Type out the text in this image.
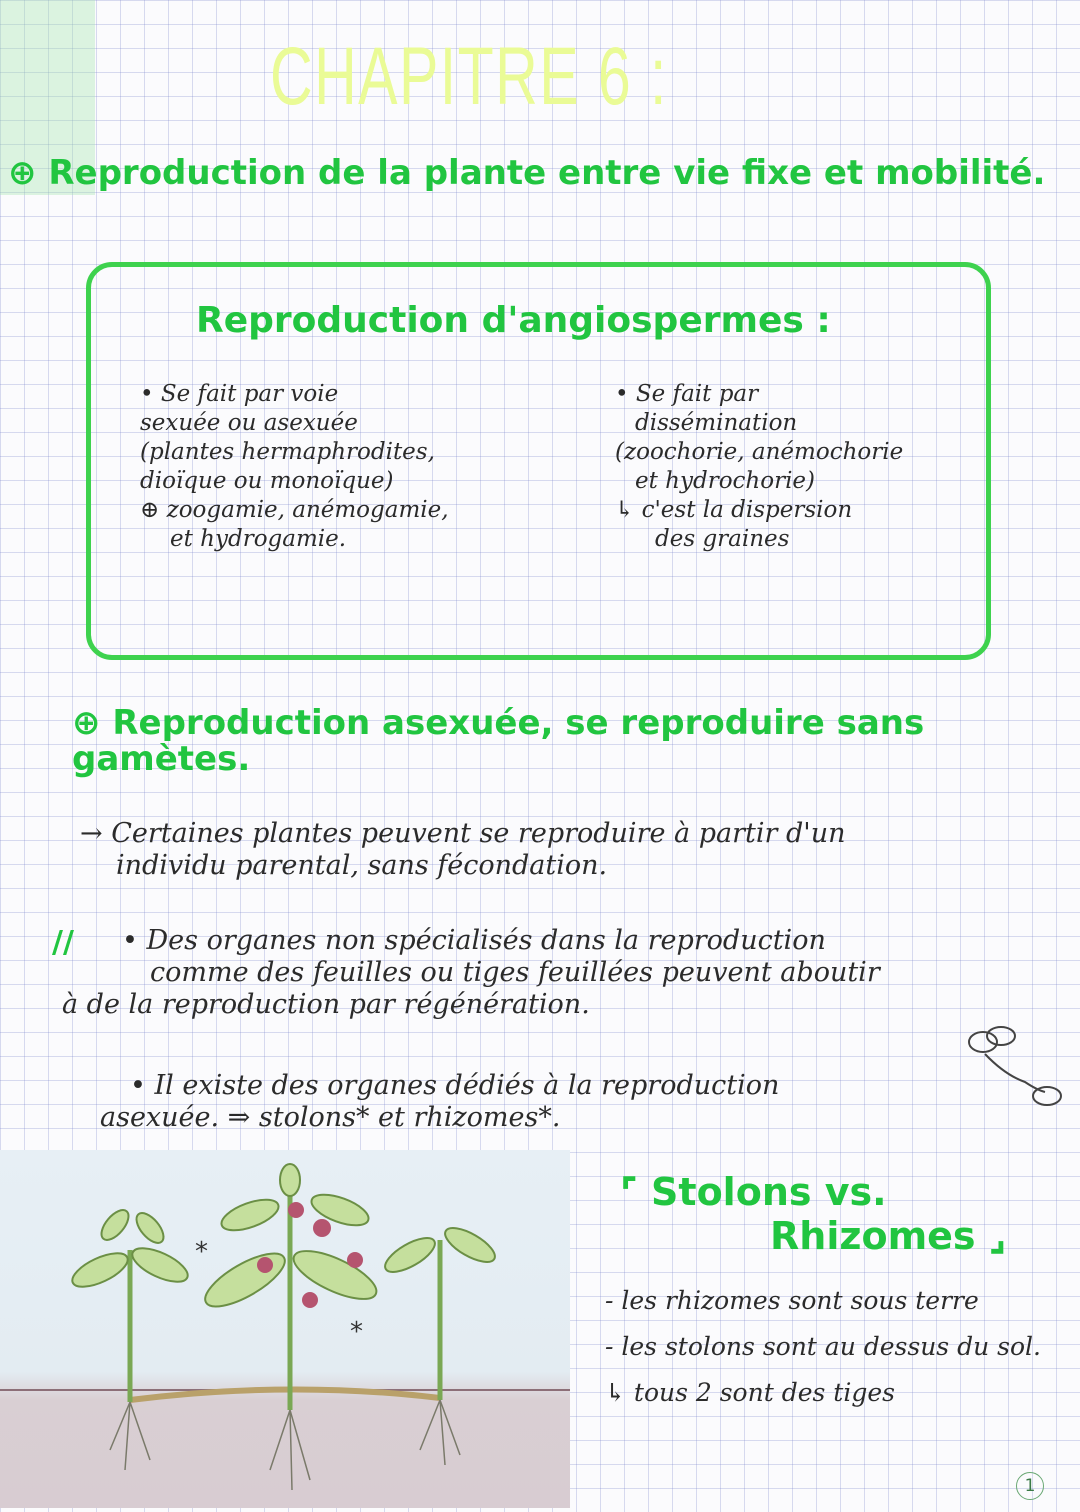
CHAPITRE 6 :
⊕ Reproduction de la plante entre vie fixe et mobilité.
Reproduction d'angiospermes :

• Se fait par voie

sexuée ou asexuée

(plantes hermaphrodites,

dioïque ou monoïque)

⊕ zoogamie, anémogamie,

et hydrogamie.

• Se fait par

dissémination

(zoochorie, anémochorie

et hydrochorie)

↳ c'est la dispersion

des graines

⊕ Reproduction asexuée, se reproduire sans gamètes.

→ Certaines plantes peuvent se reproduire à partir d'un

individu parental, sans fécondation.

//	• Des organes non spécialisés dans la reproduction

comme des feuilles ou tiges feuillées peuvent aboutir

à de la reproduction par régénération.

• Il existe des organes dédiés à la reproduction

asexuée. ⇒ stolons* et rhizomes*.

*
*
⌜ Stolons vs.
Rhizomes ⌟

- les rhizomes sont sous terre

- les stolons sont au dessus du sol.

↳ tous 2 sont des tiges

1
